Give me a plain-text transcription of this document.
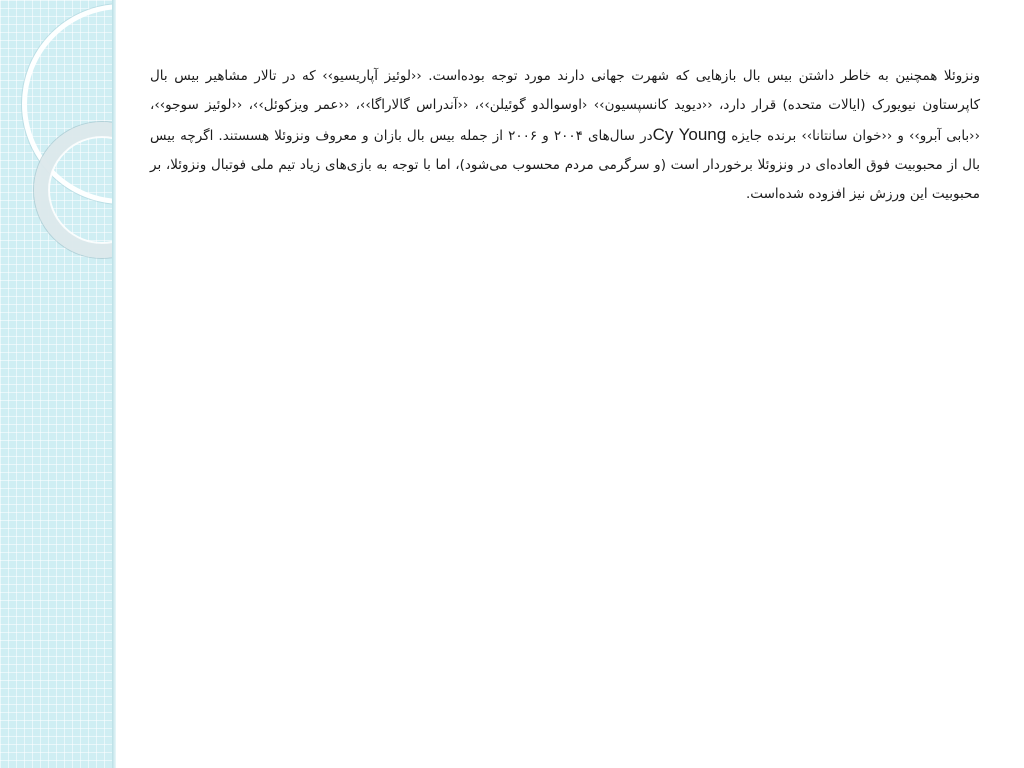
ونزوئلا همچنین به خاطر داشتن بیس بال بازهایی که شهرت جهانی دارند مورد توجه بوده‌است. ‹‹لوئیز آپاریسیو›› که در تالار مشاهیر بیس بال کاپرستاون نیویورک (ایالات متحده) قرار دارد، ‹‹دیوید کانسپسیون›› ‹اوسوالدو گوئیلن››، ‹‹آندراس گالاراگا››، ‹‹عمر ویزکوئل››، ‹‹لوئیز سوجو››، ‹‹بابی آبرو›› و ‹‹خوان سانتانا›› برنده جایزه Cy Youngدر سال‌های ۲۰۰۴ و ۲۰۰۶ از جمله بیس بال بازان و معروف ونزوئلا هسستند. اگرچه بیس بال از محبوبیت فوق العاده‌ای در ونزوئلا برخوردار است (و سرگرمی مردم محسوب می‌شود)، اما با توجه به بازی‌های زیاد تیم ملی فوتبال ونزوئلا، بر محبوبیت این ورزش نیز افزوده شده‌است.
